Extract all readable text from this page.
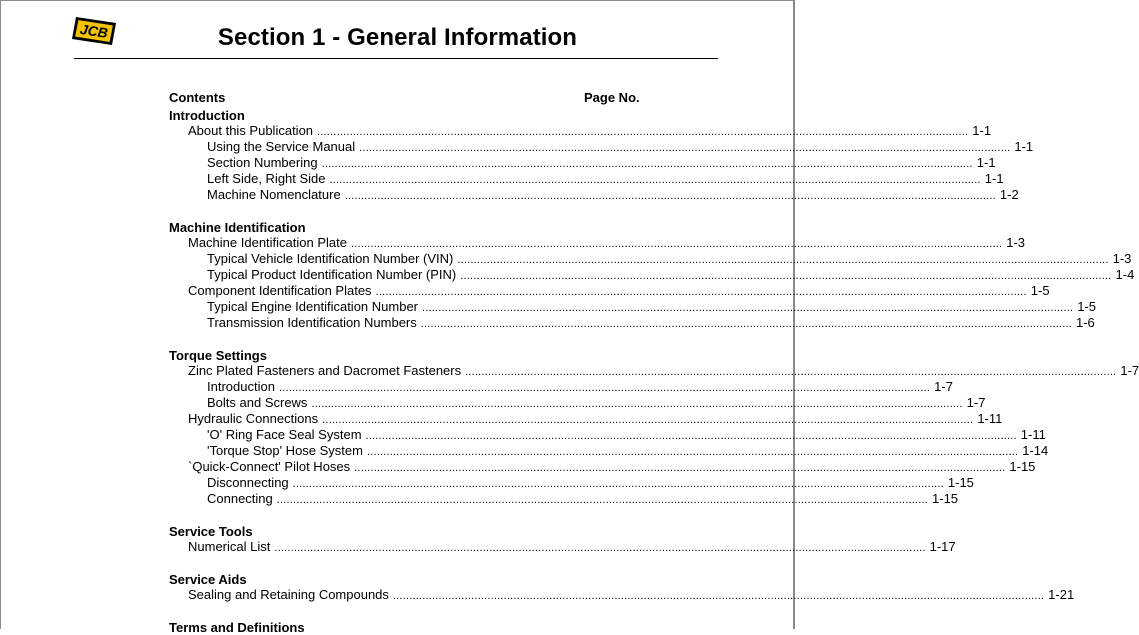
JCB	Section 1 - General Information
Contents	Page No.
Introduction
About this Publication ........................................................................................................................................................................................................ 1-1
Using the Service Manual ........................................................................................................................................................................................................ 1-1
Section Numbering ........................................................................................................................................................................................................ 1-1
Left Side, Right Side ........................................................................................................................................................................................................ 1-1
Machine Nomenclature ........................................................................................................................................................................................................ 1-2
Machine Identification
Machine Identification Plate ........................................................................................................................................................................................................ 1-3
Typical Vehicle Identification Number (VIN) ........................................................................................................................................................................................................ 1-3
Typical Product Identification Number (PIN) ........................................................................................................................................................................................................ 1-4
Component Identification Plates ........................................................................................................................................................................................................ 1-5
Typical Engine Identification Number ........................................................................................................................................................................................................ 1-5
Transmission Identification Numbers ........................................................................................................................................................................................................ 1-6
Torque Settings
Zinc Plated Fasteners and Dacromet Fasteners ........................................................................................................................................................................................................ 1-7
Introduction ........................................................................................................................................................................................................ 1-7
Bolts and Screws ........................................................................................................................................................................................................ 1-7
Hydraulic Connections ........................................................................................................................................................................................................ 1-11
'O' Ring Face Seal System ........................................................................................................................................................................................................ 1-11
'Torque Stop' Hose System ........................................................................................................................................................................................................ 1-14
`Quick-Connect' Pilot Hoses ........................................................................................................................................................................................................ 1-15
Disconnecting ........................................................................................................................................................................................................ 1-15
Connecting ........................................................................................................................................................................................................ 1-15
Service Tools
Numerical List ........................................................................................................................................................................................................ 1-17
Service Aids
Sealing and Retaining Compounds ........................................................................................................................................................................................................ 1-21
Terms and Definitions
